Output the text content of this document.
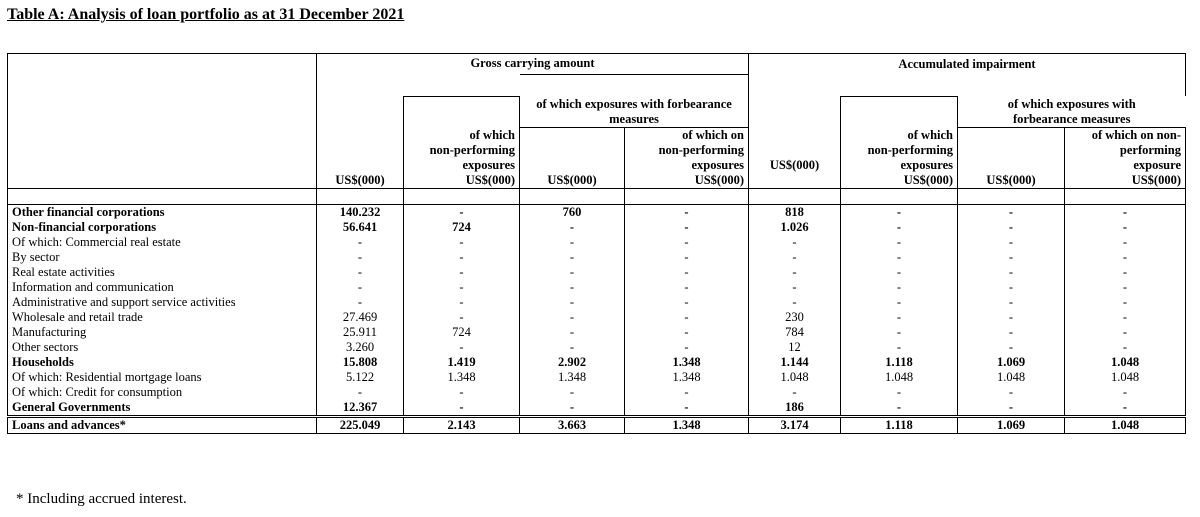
Table A: Analysis of loan portfolio as at 31 December 2021
	Gross carrying amount				Accumulated impairment			

			of which exposures with forbearance				of which exposures with	
			measures				forbearance measures
		of which		of which on		of which		of which on non-
		non-performing		non-performing		non-performing		performing
		exposures		exposures	US$(000)	exposures		exposure
	US$(000)	US$(000)	US$(000)	US$(000)		US$(000)	US$(000)	US$(000)

Other financial corporations	140.232	-	760	-	818	-	-	-
Non-financial corporations	56.641	724	-	-	1.026	-	-	-
Of which: Commercial real estate	-	-	-	-	-	-	-	-
By sector	-	-	-	-	-	-	-	-
Real estate activities	-	-	-	-	-	-	-	-
Information and communication	-	-	-	-	-	-	-	-
Administrative and support service activities	-	-	-	-	-	-	-	-
Wholesale and retail trade	27.469	-	-	-	230	-	-	-
Manufacturing	25.911	724	-	-	784	-	-	-
Other sectors	3.260	-	-	-	12	-	-	-
Households	15.808	1.419	2.902	1.348	1.144	1.118	1.069	1.048
Of which: Residential mortgage loans	5.122	1.348	1.348	1.348	1.048	1.048	1.048	1.048
Of which: Credit for consumption	-	-	-	-	-	-	-	-
General Governments	12.367	-	-	-	186	-	-	-
Loans and advances*	225.049	2.143	3.663	1.348	3.174	1.118	1.069	1.048
* Including accrued interest.
